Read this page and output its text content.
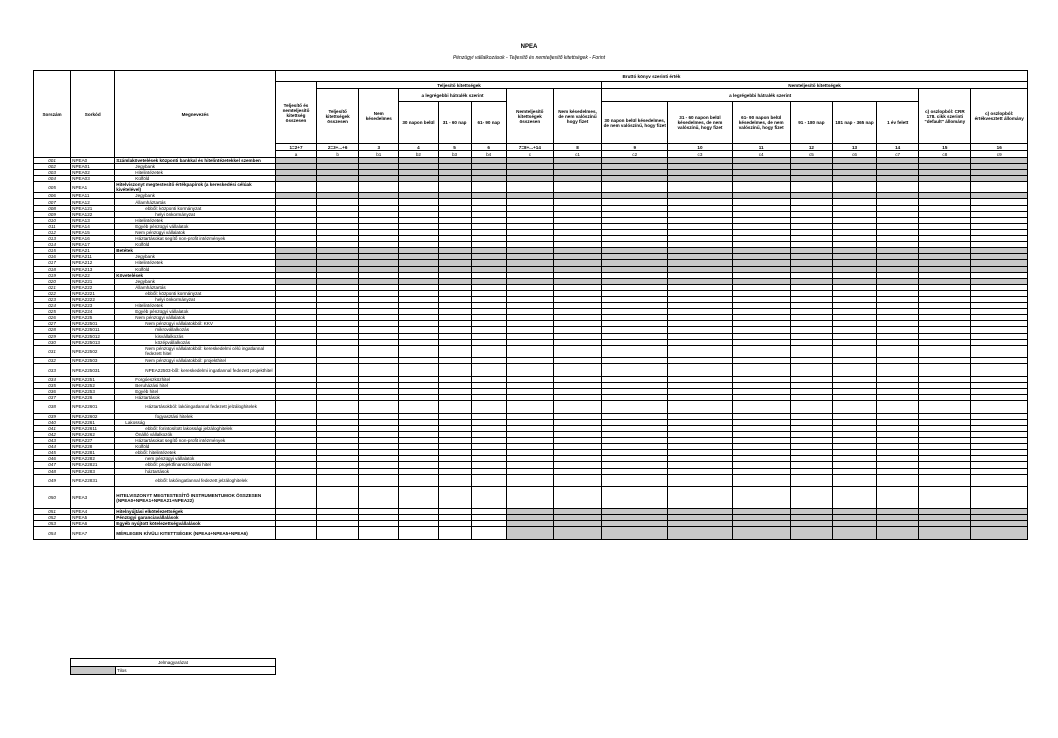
NPEA
Pénzügyi vállalkozások - Teljesítő és nemteljesítő kitettségek - Forint
Sorszám	Sorkód	Megnevezés	Bruttó könyv szerinti érték															
			Teljesítő és nemteljesítő kitettség összesen	Teljesítő kitettségek							Nemteljesítő kitettségek							
				Teljesítő kitettségek összesen	Nem késedelmes	a legrégebbi hátralék szerint			Nemteljesítő kitettségek összesen	Nem késedelmes, de nem valószínű hogy fizet	a legrégebbi hátralék szerint						c) oszlopból: CRR 178. cikk szerinti "default" állomány	c) oszlopból: értékvesztett állomány
						30 napon belül	31 - 60 nap	61- 90 nap			30 napon belül késedelmes, de nem valószínű, hogy fizet	31 - 60 napon belül késedelmes, de nem valószínű, hogy fizet	61- 90 napon belül késedelmes, de nem valószínű, hogy fizet	91 - 180 nap	181 nap - 365 nap	1 év felett		
			1=2+7	2=3+...+6	3	4	5	6	7=8+...+14	8	9	10	11	12	13	14	15	16
			a	b	b1	b2	b3	b4	c	c1	c2	c3	c4	c5	c6	c7	c8	c9
001	NPEA0	Számlakövetelések központi bankkal és hitelintézetekkel szemben																
002	NPEA01	Jegybank																
003	NPEA02	Hitelintézetek																
004	NPEA03	Külföld																
005	NPEA1	Hitelviszonyt megtestesítő értékpapírok (a kereskedési célúak kivételével)																
006	NPEA11	Jegybank																
007	NPEA12	Államháztartás																
008	NPEA121	ebből: központi kormányzat																
009	NPEA122	helyi önkormányzat																
010	NPEA13	Hitelintézetek																
011	NPEA14	Egyéb pénzügyi vállalatok																
012	NPEA15	Nem pénzügyi vállalatok																
013	NPEA16	Háztartásokat segítő non-profit intézmények																
014	NPEA17	Külföld																
015	NPEA21	Betétek																
016	NPEA211	Jegybank																
017	NPEA212	Hitelintézetek																
018	NPEA213	Külföld																
019	NPEA22	Követelések																
020	NPEA221	Jegybank																
021	NPEA222	Államháztartás																
022	NPEA2221	ebből: központi kormányzat																
023	NPEA2222	helyi önkormányzat																
024	NPEA223	Hitelintézetek																
025	NPEA224	Egyéb pénzügyi vállalatok																
026	NPEA225	Nem pénzügyi vállalatok																
027	NPEA22501	Nem pénzügyi vállalatokból: KKV																
028	NPEA225011	mikrovállalkozás																
029	NPEA225012	kisvállalkozás																
030	NPEA225013	középvállalkozás																
031	NPEA22502	Nem pénzügyi vállalatokból: kereskedelmi célú ingatlannal fedezett hitel																
032	NPEA22503	Nem pénzügyi vállalatokból: projekthitel																
033	NPEA225031	NPEA22503-ből: kereskedelmi ingatlannal fedezett projekthitel																
034	NPEA2251	Forgóeszközhitel																
035	NPEA2252	Beruházási hitel																
036	NPEA2253	Egyéb hitel																
037	NPEA226	Háztartások																
038	NPEA22601	Háztartásokból: lakóingatlannal fedezett jelzáloghitelek																
039	NPEA22602	fogyasztási hitelek																
040	NPEA2261	Lakosság																
041	NPEA22611	ebből: forintosított lakossági jelzáloghitelek																
042	NPEA2262	Önálló vállalkozók																
043	NPEA227	Háztartásokat segítő non-profit intézmények																
044	NPEA228	Külföld																
045	NPEA2281	ebből: hitelintézetek																
046	NPEA2282	nem pénzügyi vállalatok																
047	NPEA22821	ebből: projektfinanszírozási hitel																
048	NPEA2283	háztartások																
049	NPEA22831	ebből: lakóingatlannal fedezett jelzáloghitelek																
050	NPEA3	HITELVISZONYT MEGTESTESÍTŐ INSTRUMENTUMOK ÖSSZESEN (NPEA0+NPEA1+NPEA21+NPEA22)																
051	NPEA4	Hitelnyújtási elkötelezettségek																
052	NPEA5	Pénzügyi garanciavállalások																
053	NPEA6	Egyéb nyújtott kötelezettségvállalások																
054	NPEA7	MÉRLEGEN KÍVÜLI KITETTSÉGEK (NPEA4+NPEA5+NPEA6)																
Jelmagyarázat
	Tilos
